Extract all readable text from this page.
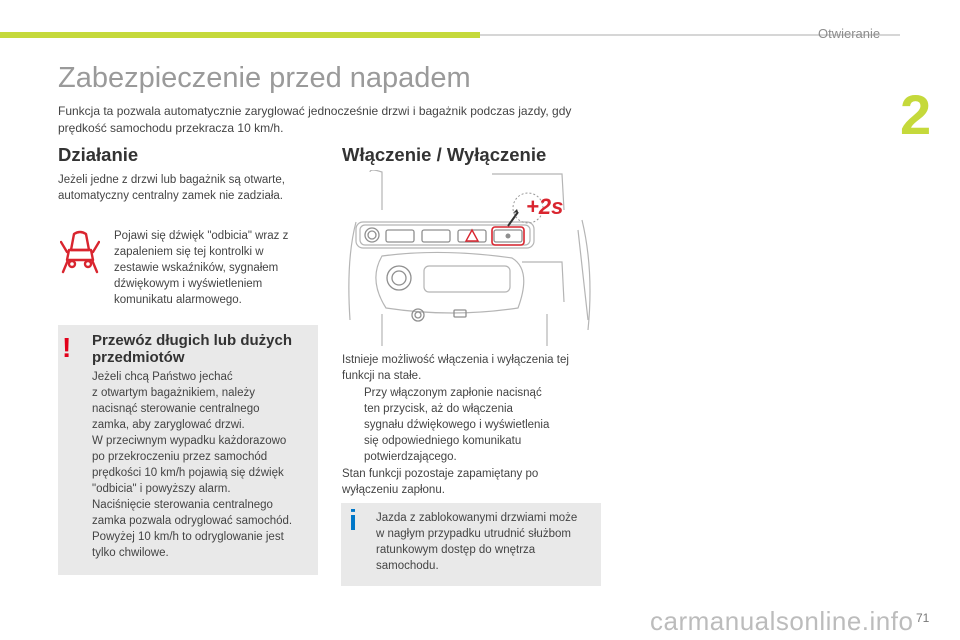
Otwieranie
2
Zabezpieczenie przed napadem
Funkcja ta pozwala automatycznie zaryglować jednocześnie drzwi i bagażnik podczas jazdy, gdy prędkość samochodu przekracza 10 km/h.
Działanie
Jeżeli jedne z drzwi lub bagażnik są otwarte, automatyczny centralny zamek nie zadziała.
Pojawi się dźwięk "odbicia" wraz z zapaleniem się tej kontrolki w zestawie wskaźników, sygnałem dźwiękowym i wyświetleniem komunikatu alarmowego.
! Przewóz długich lub dużych przedmiotów
Jeżeli chcą Państwo jechać
z otwartym bagażnikiem, należy
nacisnąć sterowanie centralnego
zamka, aby zaryglować drzwi.
W przeciwnym wypadku każdorazowo
po przekroczeniu przez samochód
prędkości 10 km/h pojawią się dźwięk
"odbicia" i powyższy alarm.
Naciśnięcie sterowania centralnego
zamka pozwala odryglować samochód.
Powyżej 10 km/h to odryglowanie jest
tylko chwilowe.
Włączenie / Wyłączenie
+2s
Istnieje możliwość włączenia i wyłączenia tej
funkcji na stałe.
Przy włączonym zapłonie nacisnąć
ten przycisk, aż do włączenia
sygnału dźwiękowego i wyświetlenia
się odpowiedniego komunikatu
potwierdzającego.
Stan funkcji pozostaje zapamiętany po
wyłączeniu zapłonu.
i Jazda z zablokowanymi drzwiami może
w nagłym przypadku utrudnić służbom
ratunkowym dostęp do wnętrza
samochodu.
carmanualsonline.info 71
